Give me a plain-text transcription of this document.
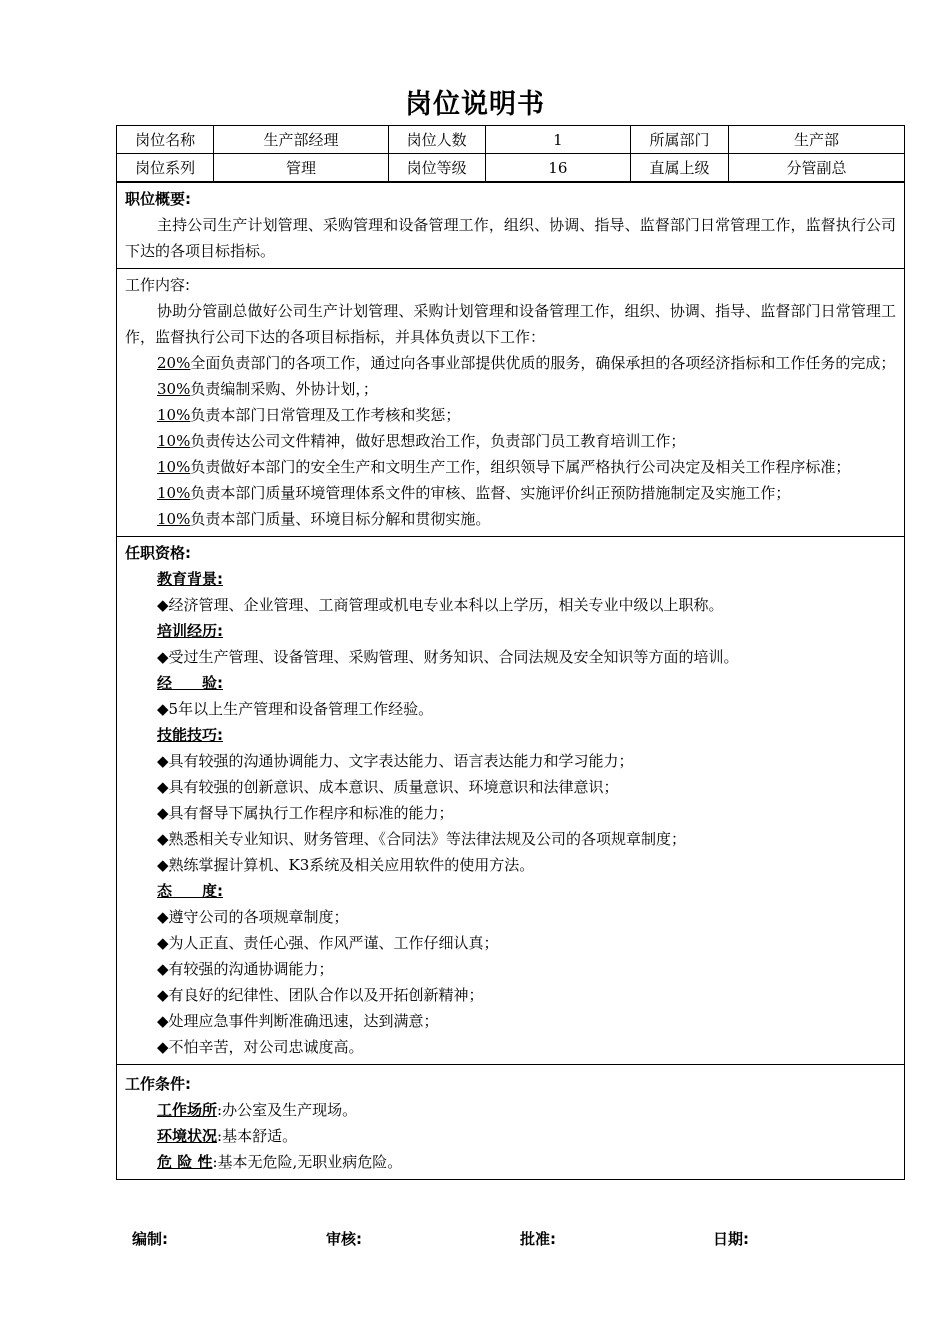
岗位说明书
岗位名称	生产部经理	岗位人数	1	所属部门	生产部
岗位系列	管理	岗位等级	16	直属上级	分管副总
职位概要:
主持公司生产计划管理、采购管理和设备管理工作，组织、协调、指导、监督部门日常管理工作，监督执行公司下达的各项目标指标。
工作内容:
协助分管副总做好公司生产计划管理、采购计划管理和设备管理工作，组织、协调、指导、监督部门日常管理工作，监督执行公司下达的各项目标指标，并具体负责以下工作：
20%全面负责部门的各项工作，通过向各事业部提供优质的服务，确保承担的各项经济指标和工作任务的完成；
30%负责编制采购、外协计划，；
10%负责本部门日常管理及工作考核和奖惩；
10%负责传达公司文件精神，做好思想政治工作，负责部门员工教育培训工作；
10%负责做好本部门的安全生产和文明生产工作，组织领导下属严格执行公司决定及相关工作程序标准；
10%负责本部门质量环境管理体系文件的审核、监督、实施评价纠正预防措施制定及实施工作；
10%负责本部门质量、环境目标分解和贯彻实施。
任职资格:
教育背景:
◆经济管理、企业管理、工商管理或机电专业本科以上学历，相关专业中级以上职称。
培训经历:
◆受过生产管理、设备管理、采购管理、财务知识、合同法规及安全知识等方面的培训。
经　　验:
◆5年以上生产管理和设备管理工作经验。
技能技巧:
◆具有较强的沟通协调能力、文字表达能力、语言表达能力和学习能力；
◆具有较强的创新意识、成本意识、质量意识、环境意识和法律意识；
◆具有督导下属执行工作程序和标准的能力；
◆熟悉相关专业知识、财务管理、《合同法》等法律法规及公司的各项规章制度；
◆熟练掌握计算机、K3系统及相关应用软件的使用方法。
态　　度:
◆遵守公司的各项规章制度；
◆为人正直、责任心强、作风严谨、工作仔细认真；
◆有较强的沟通协调能力；
◆有良好的纪律性、团队合作以及开拓创新精神；
◆处理应急事件判断准确迅速，达到满意；
◆不怕辛苦，对公司忠诚度高。
工作条件:
工作场所:办公室及生产现场。
环境状况:基本舒适。
危 险 性:基本无危险,无职业病危险。
编制:	审核:	批准:	日期:
